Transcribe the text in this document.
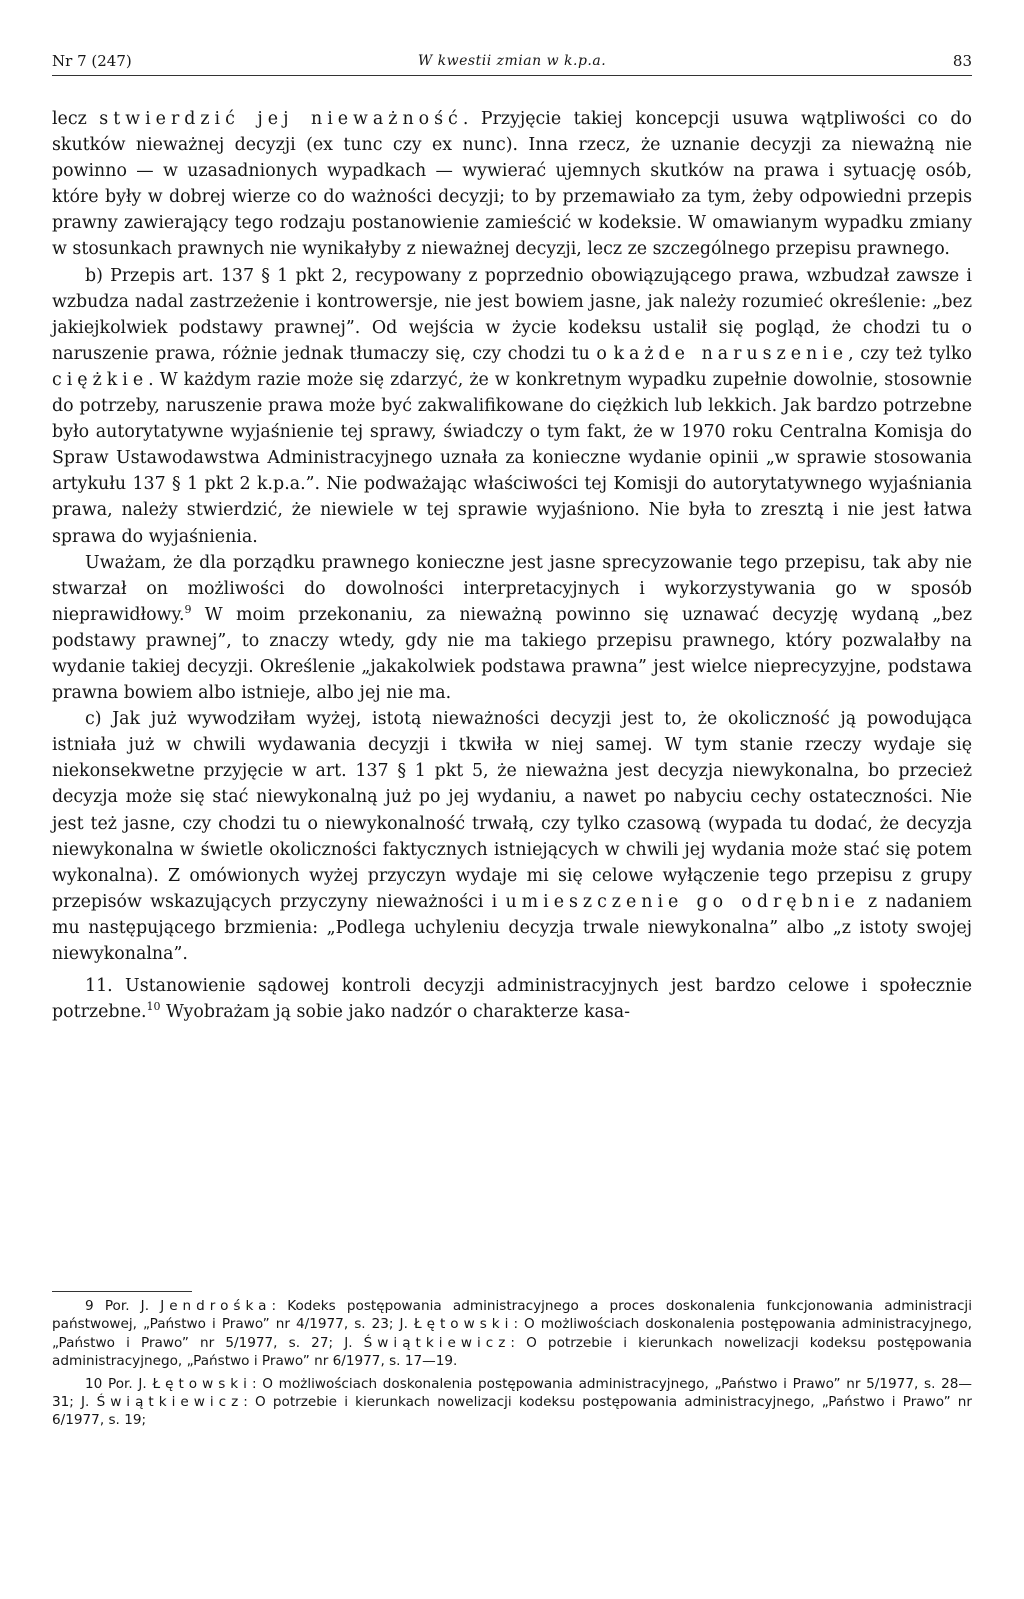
Nr 7 (247)	W kwestii zmian w k.p.a.	83

lecz stwierdzić jej nieważność. Przyjęcie takiej koncepcji usuwa wątpliwości co do skutków nieważnej decyzji (ex tunc czy ex nunc). Inna rzecz, że uznanie decyzji za nieważną nie powinno — w uzasadnionych wypadkach — wywierać ujemnych skutków na prawa i sytuację osób, które były w dobrej wierze co do ważności decyzji; to by przemawiało za tym, żeby odpowiedni przepis prawny zawierający tego rodzaju postanowienie zamieścić w kodeksie. W omawianym wypadku zmiany w stosunkach prawnych nie wynikałyby z nieważnej decyzji, lecz ze szczególnego przepisu prawnego.

b) Przepis art. 137 § 1 pkt 2, recypowany z poprzednio obowiązującego prawa, wzbudzał zawsze i wzbudza nadal zastrzeżenie i kontrowersje, nie jest bowiem jasne, jak należy rozumieć określenie: „bez jakiejkolwiek podstawy prawnej”. Od wejścia w życie kodeksu ustalił się pogląd, że chodzi tu o naruszenie prawa, różnie jednak tłumaczy się, czy chodzi tu o każde naruszenie, czy też tylko ciężkie. W każdym razie może się zdarzyć, że w konkretnym wypadku zupełnie dowolnie, stosownie do potrzeby, naruszenie prawa może być zakwalifikowane do ciężkich lub lekkich. Jak bardzo potrzebne było autorytatywne wyjaśnienie tej sprawy, świadczy o tym fakt, że w 1970 roku Centralna Komisja do Spraw Ustawodawstwa Administracyjnego uznała za konieczne wydanie opinii „w sprawie stosowania artykułu 137 § 1 pkt 2 k.p.a.”. Nie podważając właściwości tej Komisji do autorytatywnego wyjaśniania prawa, należy stwierdzić, że niewiele w tej sprawie wyjaśniono. Nie była to zresztą i nie jest łatwa sprawa do wyjaśnienia.

Uważam, że dla porządku prawnego konieczne jest jasne sprecyzowanie tego przepisu, tak aby nie stwarzał on możliwości do dowolności interpretacyjnych i wykorzystywania go w sposób nieprawidłowy.$^9$ W moim przekonaniu, za nieważną powinno się uznawać decyzję wydaną „bez podstawy prawnej”, to znaczy wtedy, gdy nie ma takiego przepisu prawnego, który pozwalałby na wydanie takiej decyzji. Określenie „jakakolwiek podstawa prawna” jest wielce nieprecyzyjne, podstawa prawna bowiem albo istnieje, albo jej nie ma.

c) Jak już wywodziłam wyżej, istotą nieważności decyzji jest to, że okoliczność ją powodująca istniała już w chwili wydawania decyzji i tkwiła w niej samej. W tym stanie rzeczy wydaje się niekonsekwetne przyjęcie w art. 137 § 1 pkt 5, że nieważna jest decyzja niewykonalna, bo przecież decyzja może się stać niewykonalną już po jej wydaniu, a nawet po nabyciu cechy ostateczności. Nie jest też jasne, czy chodzi tu o niewykonalność trwałą, czy tylko czasową (wypada tu dodać, że decyzja niewykonalna w świetle okoliczności faktycznych istniejących w chwili jej wydania może stać się potem wykonalna). Z omówionych wyżej przyczyn wydaje mi się celowe wyłączenie tego przepisu z grupy przepisów wskazujących przyczyny nieważności i umieszczenie go odrębnie z nadaniem mu następującego brzmienia: „Podlega uchyleniu decyzja trwale niewykonalna” albo „z istoty swojej niewykonalna”.

11. Ustanowienie sądowej kontroli decyzji administracyjnych jest bardzo celowe i społecznie potrzebne.$^{10}$ Wyobrażam ją sobie jako nadzór o charakterze kasa-

9 Por. J. Jendrośka: Kodeks postępowania administracyjnego a proces doskonalenia funkcjonowania administracji państwowej, „Państwo i Prawo” nr 4/1977, s. 23; J. Łętowski: O możliwościach doskonalenia postępowania administracyjnego, „Państwo i Prawo” nr 5/1977, s. 27; J. Świątkiewicz: O potrzebie i kierunkach nowelizacji kodeksu postępowania administracyjnego, „Państwo i Prawo” nr 6/1977, s. 17—19.

10 Por. J. Łętowski: O możliwościach doskonalenia postępowania administracyjnego, „Państwo i Prawo” nr 5/1977, s. 28—31; J. Świątkiewicz: O potrzebie i kierunkach nowelizacji kodeksu postępowania administracyjnego, „Państwo i Prawo” nr 6/1977, s. 19;
